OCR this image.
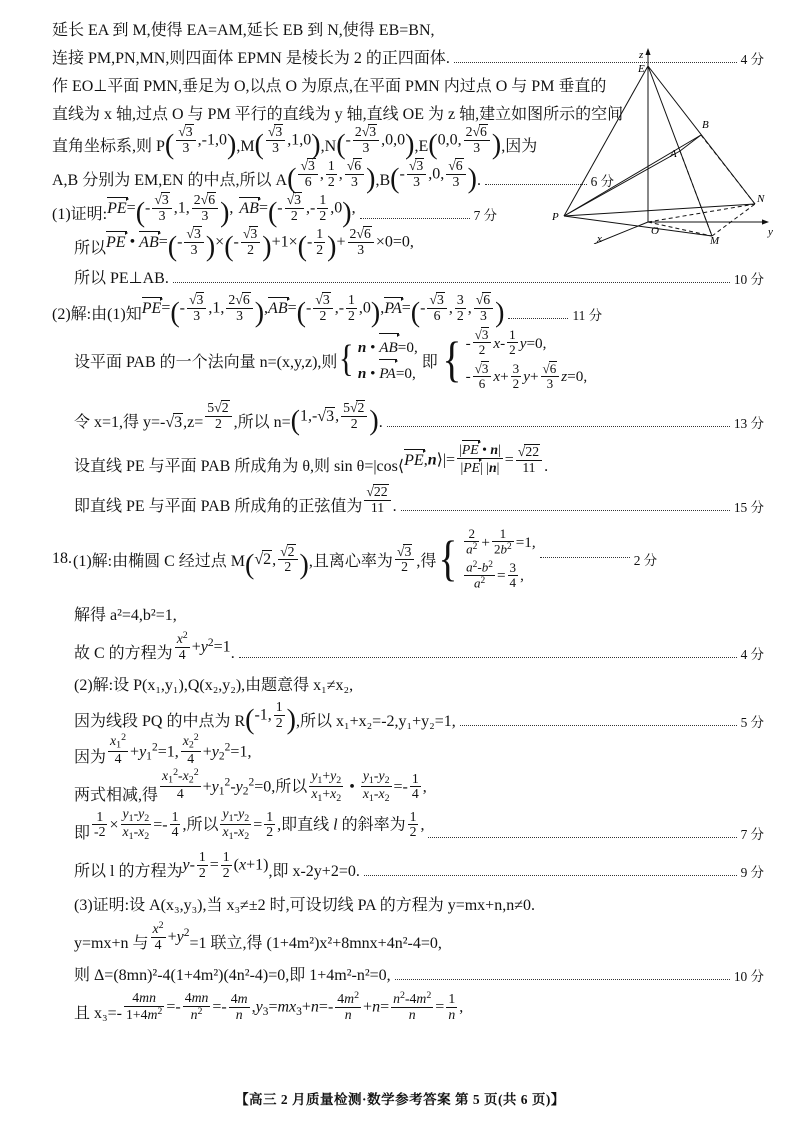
z
E
B
N
A
O	y
M
x
P
延长 EA 到 M,使得 EA=AM,延长 EB 到 N,使得 EB=BN,
连接 PM,PN,MN,则四面体 EPMN 是棱长为 2 的正四面体.	4 分
作 EO⊥平面 PMN,垂足为 O,以点 O 为原点,在平面 PMN 内过点 O 与 PM 垂直的
直线为 x 轴,过点 O 与 PM 平行的直线为 y 轴,直线 OE 为 z 轴,建立如图所示的空间
直角坐标系,则 P ( $\frac{√3}{3} ,-1,0$) ,M ( $\frac{√3}{3} ,1,0$) ,N (- $\frac{2√3}{3} ,0,0$) ,E (0,0, $\frac{2√6}{3}$ ) ,因为
A,B 分别为 EM,EN 的中点,所以 A ( $\frac{√3}{6}$ , $\frac{1}{2}$ , $\frac{√6}{3}$ ) ,B (- $\frac{√3}{3} ,0$, $\frac{√6}{3}$ ) .	6 分
(1)证明: $PE=(- \frac{√3}{3} ,1$, $\frac{2√6}{3}$ ), $AB=(- \frac{√3}{2}$ ,- $\frac{1}{2} ,0$),	7 分
所以 PE • $AB=(- \frac{√3}{3}$ )×(- $\frac{√3}{2} )+1\times(- \frac{1}{2}$ )+ $\frac{2√6}{3} \times 0=0$,
所以 PE⊥AB.	10 分
(2)解:由(1)知 $PE=(- \frac{√3}{3} ,1$, $\frac{2√6}{3} ),AB=(- \frac{√3}{2}$ ,- $\frac{1}{2} ,0),PA=(- \frac{√3}{6}$ , $\frac{3}{2}$ , $\frac{√6}{3}$ )	11 分
设平面 PAB 的一个法向量 n=(x,y,z),则 { n • AB=0,
n • PA=0,
即 { - $\frac{√3}{2} x- \frac{1}{2} y=0$,
- $\frac{√3}{6} x+ \frac{3}{2} y+ \frac{√6}{3} z=0$,
令 x=1,得 y=- √3 $,z= \frac{5√2}{2}$ ,所以 n= (1,-√3, $\frac{5√2}{2}$ ) .	13 分
设直线 PE 与平面 PAB 所成角为 θ,则 sin θ=|cos⟨ PE,n⟩|= $\frac{|PE • n|}{|PE| |n|} = \frac{√22}{11}$ .
即直线 PE 与平面 PAB 所成角的正弦值为 $\frac{√22}{11}$ .	15 分
18. (1)解:由椭圆 C 经过点 M (√2, $\frac{√2}{2}$ ) ,且离心率为 $\frac{√3}{2}$ ,得 { $\frac{2}{a^2} + \frac{1}{2b^2} =1$,
$\frac{a^2-b^2}{a^2} = \frac{3}{4}$ ,
2 分
解得 a²=4,b²=1,
故 C 的方程为 $\frac{x^2}{4} +y^2=1$ .	4 分
(2)解:设 P(x₁,y₁),Q(x₂,y₂),由题意得 x₁≠x₂,
因为线段 PQ 的中点为 R (-1, $\frac{1}{2}$ ) ,所以 x₁+x₂=-2,y₁+y₂=1,	5 分
因为 $\frac{x_1^2}{4} +y_1^2=1$, $\frac{x_2^2}{4} +y_2^2=1$,
两式相减,得 $\frac{x_1^2-x_2^2}{4} +y_1^2-y_2^2=0$,所以 $\frac{y_1+y_2}{x_1+x_2}$ • $\frac{y_1-y_2}{x_1-x_2} =- \frac{1}{4}$ ,
即 $\frac{1}{-2} \times \frac{y_1-y_2}{x_1-x_2} =- \frac{1}{4}$ ,所以 $\frac{y_1-y_2}{x_1-x_2} = \frac{1}{2}$ ,即直线 l 的斜率为 $\frac{1}{2}$ ,
7 分
所以 l 的方程为 $y- \frac{1}{2} = \frac{1}{2} (x+1)$ ,即 x-2y+2=0.	9 分
(3)证明:设 A(x₃,y₃),当 x₃≠±2 时,可设切线 PA 的方程为 y=mx+n,n≠0.
y=mx+n 与 $\frac{x^2}{4} +y^2$
=1 联立,得 (1+4m²)x²+8mnx+4n²-4=0,
则 Δ=(8mn)²-4(1+4m²)(4n²-4)=0,即 1+4m²-n²=0,	10 分
且 $x_3=- \frac{4mn}{1+4m^2} =- \frac{4mn}{n^2} =- \frac{4m}{n} ,y_3=mx_3+n=- \frac{4m^2}{n} +n= \frac{n^2-4m^2}{n} = \frac{1}{n}$ ,
【高三 2 月质量检测·数学参考答案 第 5 页(共 6 页)】
